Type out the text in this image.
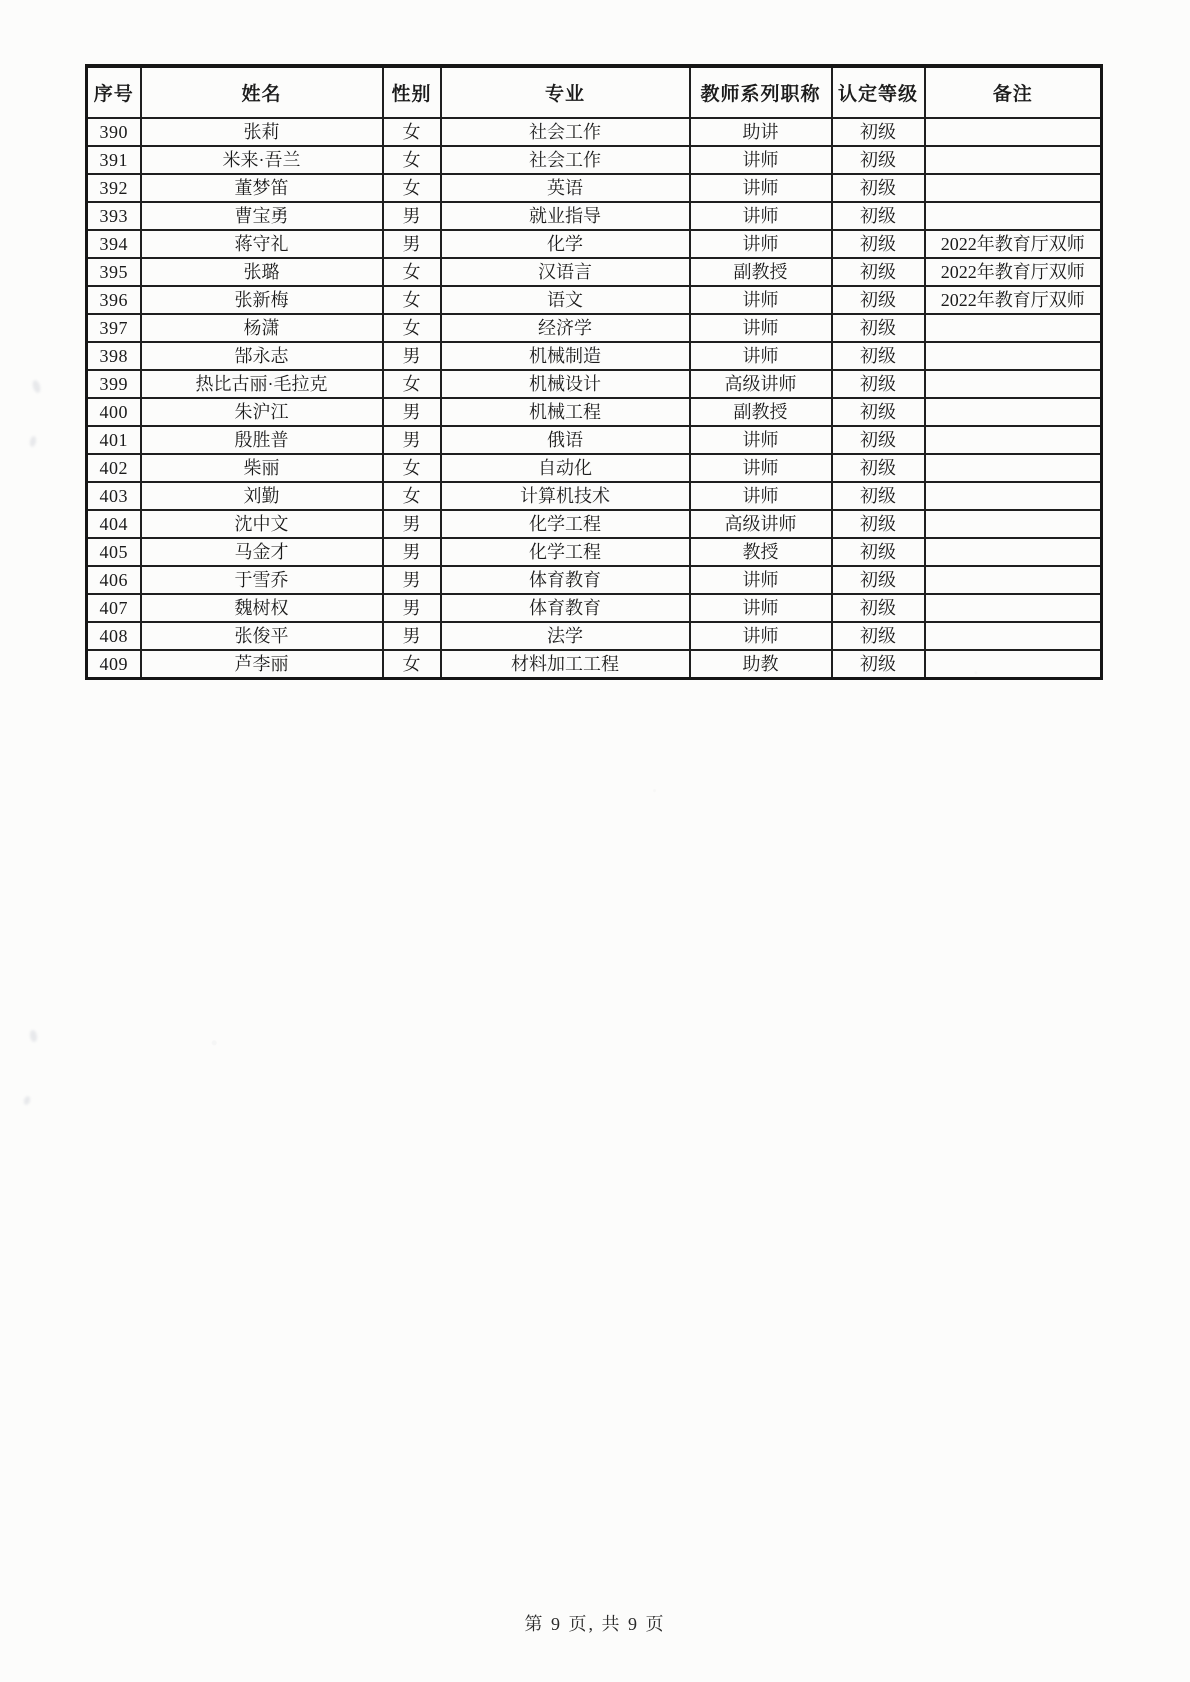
序号	姓名	性别	专业	教师系列职称	认定等级	备注
390	张莉	女	社会工作	助讲	初级	
391	米来·吾兰	女	社会工作	讲师	初级	
392	董梦笛	女	英语	讲师	初级	
393	曹宝勇	男	就业指导	讲师	初级	
394	蒋守礼	男	化学	讲师	初级	2022年教育厅双师
395	张璐	女	汉语言	副教授	初级	2022年教育厅双师
396	张新梅	女	语文	讲师	初级	2022年教育厅双师
397	杨潇	女	经济学	讲师	初级	
398	郜永志	男	机械制造	讲师	初级	
399	热比古丽·毛拉克	女	机械设计	高级讲师	初级	
400	朱沪江	男	机械工程	副教授	初级	
401	殷胜普	男	俄语	讲师	初级	
402	柴丽	女	自动化	讲师	初级	
403	刘勤	女	计算机技术	讲师	初级	
404	沈中文	男	化学工程	高级讲师	初级	
405	马金才	男	化学工程	教授	初级	
406	于雪乔	男	体育教育	讲师	初级	
407	魏树权	男	体育教育	讲师	初级	
408	张俊平	男	法学	讲师	初级	
409	芦李丽	女	材料加工工程	助教	初级	
第 9 页, 共 9 页
